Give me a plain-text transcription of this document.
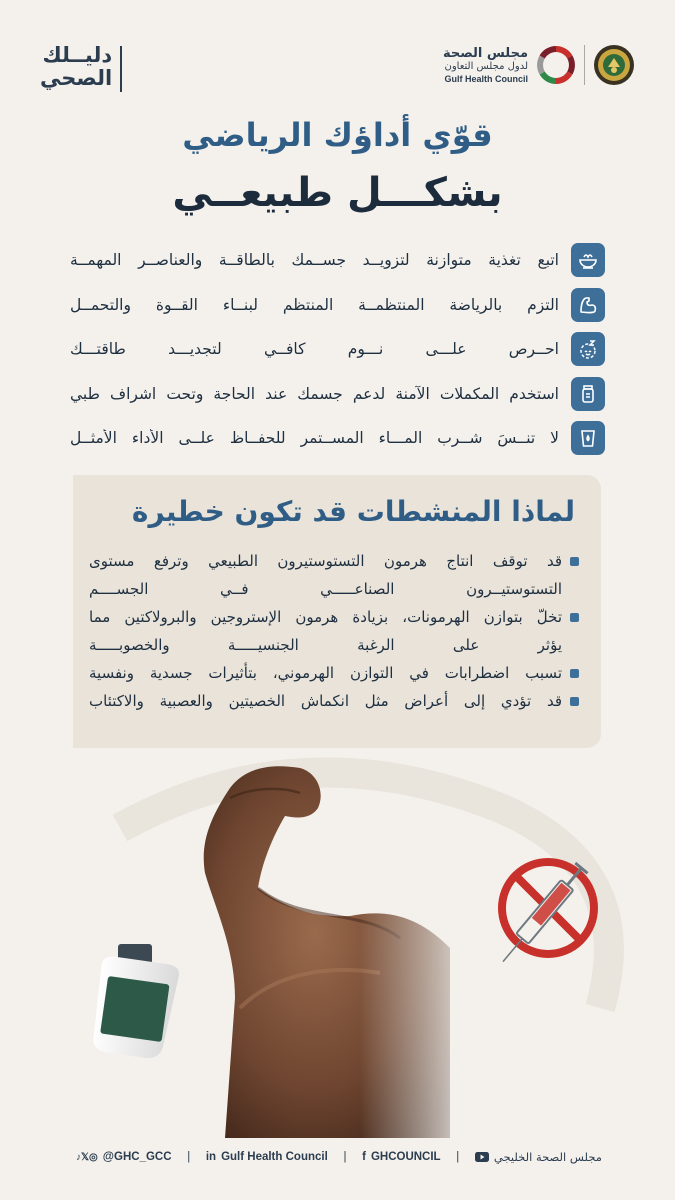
دليــلك
الصحي
مجلس الصحة
لدول مجلس التعاون
Gulf Health Council
قوّي أداؤك الرياضي
بشكـــل طبيعــي
اتبع تغذية متوازنة لتزويــد جســمك بالطاقــة والعناصــر المهمــة
التزم بالرياضة المنتظمــة المنتظم لبنــاء القــوة والتحمــل
احــرص علـــى نـــوم كافــي لتجديـــد طاقتـــك
استخدم المكملات الآمنة لدعم جسمك عند الحاجة وتحت اشراف طبي
لا تنــسَ شــرب المـــاء المســتمر للحفــاظ علــى الأداء الأمثــل
لماذا المنشطات قد تكون خطيرة
قد توقف انتاج هرمون التستوستيرون الطبيعي وترفع مستوى
التستوستيــرون الصناعـــــي فــي الجســــم
تخلّ بتوازن الهرمونات، بزيادة هرمون الإستروجين والبرولاكتين مما
يؤثر على الرغبة الجنسيـــــة والخصوبـــــة
تسبب اضطرابات في التوازن الهرموني، بتأثيرات جسدية ونفسية
قد تؤدي إلى أعراض مثل انكماش الخصيتين والعصبية والاكتئاب
♪𝕏◎ @GHC_GCC | in Gulf Health Council | f GHCOUNCIL |	مجلس الصحة الخليجي
